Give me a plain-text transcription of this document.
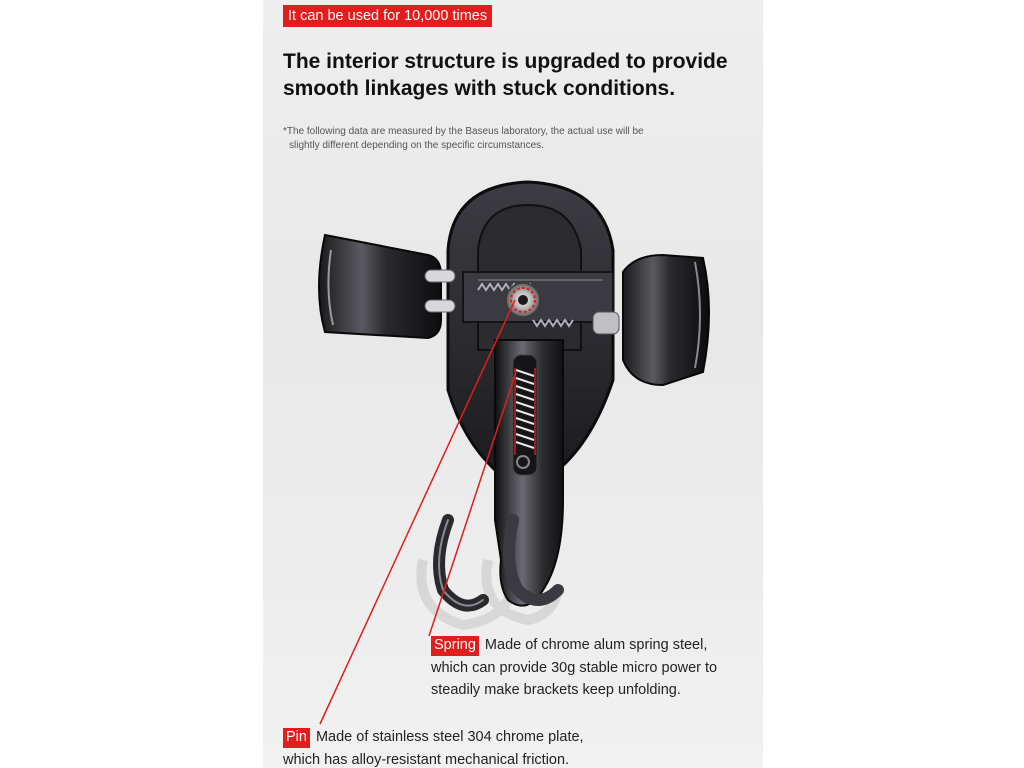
It can be used for 10,000 times
The interior structure is upgraded to provide
smooth linkages with stuck conditions.
*The following data are measured by the Baseus laboratory, the actual use will be
slightly different depending on the specific circumstances.
Spring Made of chrome alum spring steel,
which can provide 30g stable micro power to
steadily make brackets keep unfolding.
Pin Made of stainless steel 304 chrome plate,
which has alloy-resistant mechanical friction.
